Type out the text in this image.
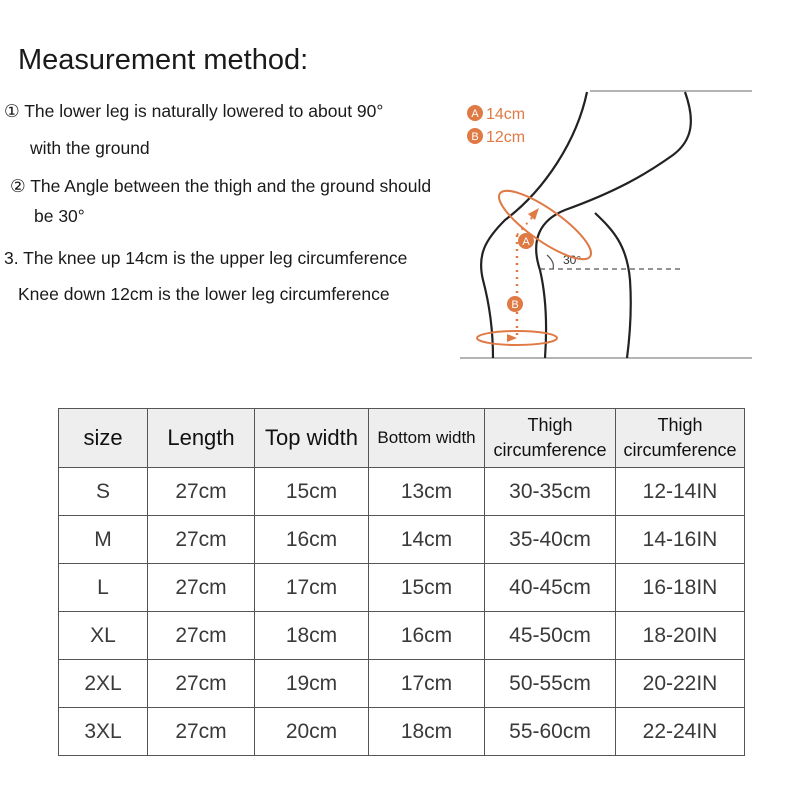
Measurement method:
① The lower leg is naturally lowered to about 90°
with the ground
② The Angle between the thigh and the ground should
be 30°
3. The knee up 14cm is the upper leg circumference
Knee down 12cm is the lower leg circumference
30°
A
B
A 14cm
B 12cm
size	Length	Top width	Bottom width	Thigh circumference	Thigh circumference
S	27cm	15cm	13cm	30-35cm	12-14IN
M	27cm	16cm	14cm	35-40cm	14-16IN
L	27cm	17cm	15cm	40-45cm	16-18IN
XL	27cm	18cm	16cm	45-50cm	18-20IN
2XL	27cm	19cm	17cm	50-55cm	20-22IN
3XL	27cm	20cm	18cm	55-60cm	22-24IN
